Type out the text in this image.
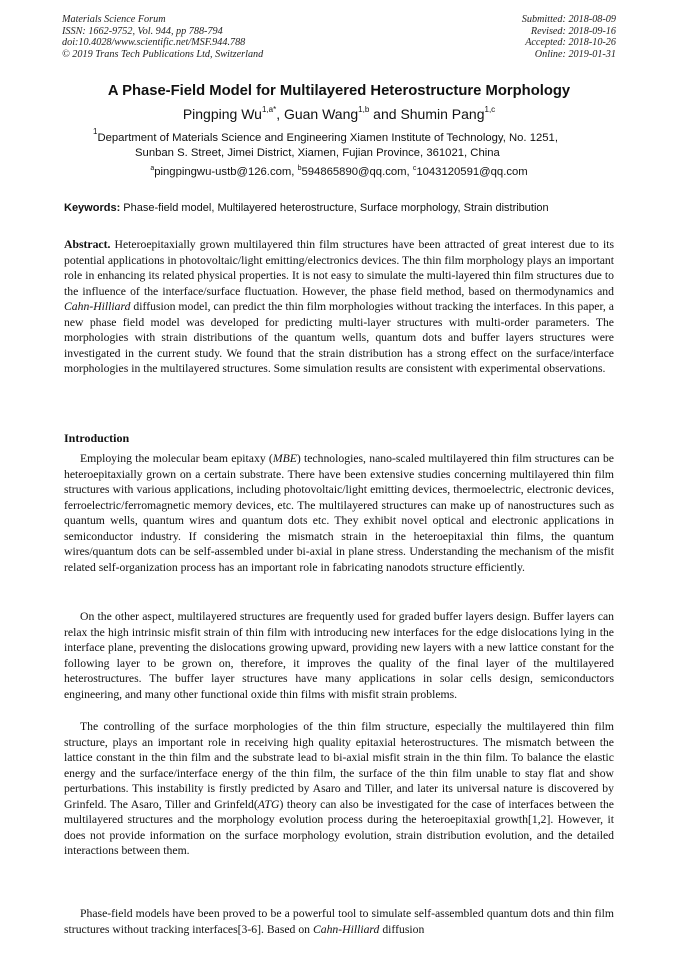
Materials Science Forum
ISSN: 1662-9752, Vol. 944, pp 788-794
doi:10.4028/www.scientific.net/MSF.944.788
© 2019 Trans Tech Publications Ltd, Switzerland
Submitted: 2018-08-09
Revised: 2018-09-16
Accepted: 2018-10-26
Online: 2019-01-31
A Phase-Field Model for Multilayered Heterostructure Morphology
Pingping $Wu^{1,a*}$, Guan Wang$^{1,b}$ and Shumin Pang$^{1,c}$
$^1$Department of Materials Science and Engineering Xiamen Institute of Technology, No. 1251,
Sunban S. Street, Jimei District, Xiamen, Fujian Province, 361021, China
$^a$pingpingwu-ustb@126.com, $^b$594865890@qq.com, $^c$1043120591@qq.com
Keywords: Phase-field model, Multilayered heterostructure, Surface morphology, Strain distribution
Abstract. Heteroepitaxially grown multilayered thin film structures have been attracted of great interest due to its potential applications in photovoltaic/light emitting/electronics devices. The thin film morphology plays an important role in enhancing its related physical properties. It is not easy to simulate the multi-layered thin film structures due to the influence of the interface/surface fluctuation. However, the phase field method, based on thermodynamics and Cahn-Hilliard diffusion model, can predict the thin film morphologies without tracking the interfaces. In this paper, a new phase field model was developed for predicting multi-layer structures with multi-order parameters. The morphologies with strain distributions of the quantum wells, quantum dots and buffer layers structures were investigated in the current study. We found that the strain distribution has a strong effect on the surface/interface morphologies in the multilayered structures. Some simulation results are consistent with experimental observations.
Introduction
Employing the molecular beam epitaxy (MBE) technologies, nano-scaled multilayered thin film structures can be heteroepitaxially grown on a certain substrate. There have been extensive studies concerning multilayered thin film structures with various applications, including photovoltaic/light emitting devices, thermoelectric, electronic devices, ferroelectric/ferromagnetic memory devices, etc. The multilayered structures can make up of nanostructures such as quantum wells, quantum wires and quantum dots etc. They exhibit novel optical and electronic applications in semiconductor industry. If considering the mismatch strain in the heteroepitaxial thin films, the quantum wires/quantum dots can be self-assembled under bi-axial in plane stress. Understanding the mechanism of the misfit related self-organization process has an important role in fabricating nanodots structure efficiently.
On the other aspect, multilayered structures are frequently used for graded buffer layers design. Buffer layers can relax the high intrinsic misfit strain of thin film with introducing new interfaces for the edge dislocations lying in the interface plane, preventing the dislocations growing upward, providing new layers with a new lattice constant for the following layer to be grown on, therefore, it improves the quality of the final layer of the multilayered heterostructures. The buffer layer structures have many applications in solar cells design, semiconductors engineering, and many other functional oxide thin films with misfit strain problems.
The controlling of the surface morphologies of the thin film structure, especially the multilayered thin film structure, plays an important role in receiving high quality epitaxial heterostructures. The mismatch between the lattice constant in the thin film and the substrate lead to bi-axial misfit strain in the thin film. To balance the elastic energy and the surface/interface energy of the thin film, the surface of the thin film unable to stay flat and show perturbations. This instability is firstly predicted by Asaro and Tiller, and later its universal nature is discovered by Grinfeld. The Asaro, Tiller and Grinfeld(ATG) theory can also be investigated for the case of interfaces between the multilayered structures and the morphology evolution process during the heteroepitaxial growth[1,2]. However, it does not provide information on the surface morphology evolution, strain distribution evolution, and the detailed interactions between them.
Phase-field models have been proved to be a powerful tool to simulate self-assembled quantum dots and thin film structures without tracking interfaces[3-6]. Based on Cahn-Hilliard diffusion
